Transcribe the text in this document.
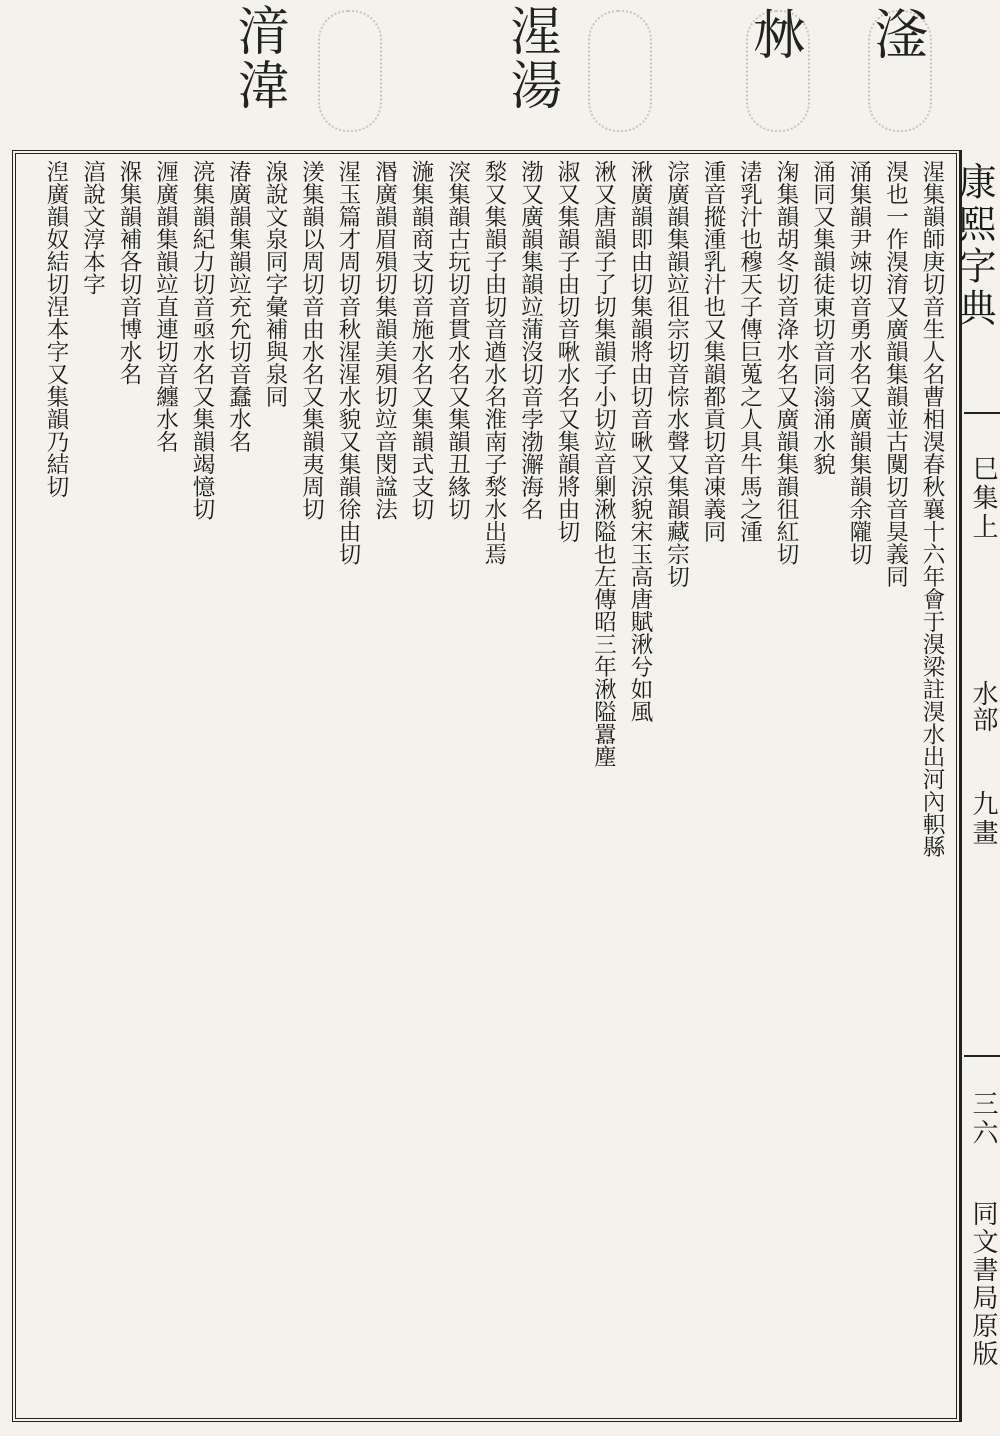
滏
沝
湦湯
湇湋
湦集韻師庚切音生人名曹相湨春秋襄十六年會于湨梁註湨水出河內軹縣
湨也一作湨淯又廣韻集韻並古闃切音狊義同
涌集韻尹竦切音勇水名又廣韻集韻余隴切
涌同又集韻徒東切音同滃涌水貌
淗集韻胡冬切音洚水名又廣韻集韻徂紅切
湱乳汁也穆天子傳巨蒐之人具牛馬之湩
湩音摐湩乳汁也又集韻都貢切音凍義同
淙廣韻集韻竝徂宗切音悰水聲又集韻藏宗切
湫廣韻即由切集韻將由切音啾又涼貌宋玉高唐賦湫兮如風
湫又唐韻子了切集韻子小切竝音剿湫隘也左傳昭三年湫隘囂塵
淑又集韻子由切音啾水名又集韻將由切
渤又廣韻集韻竝蒲沒切音孛渤澥海名
湬又集韻子由切音遒水名淮南子湬水出焉
湥集韻古玩切音貫水名又集韻丑緣切
湤集韻商支切音施水名又集韻式支切
湣廣韻眉殞切集韻美殞切竝音閔諡法
湦玉篇才周切音秋湦湦水貌又集韻徐由切
湵集韻以周切音由水名又集韻夷周切
湶說文泉同字彙補與泉同
湷廣韻集韻竝充允切音蠢水名
湸集韻紀力切音亟水名又集韻竭憶切
湹廣韻集韻竝直連切音纏水名
湺集韻補各切音博水名
湻說文淳本字
湼廣韻奴結切涅本字又集韻乃結切	康熙字典
巳集上
水部
九畫
三六
同文書局原版
